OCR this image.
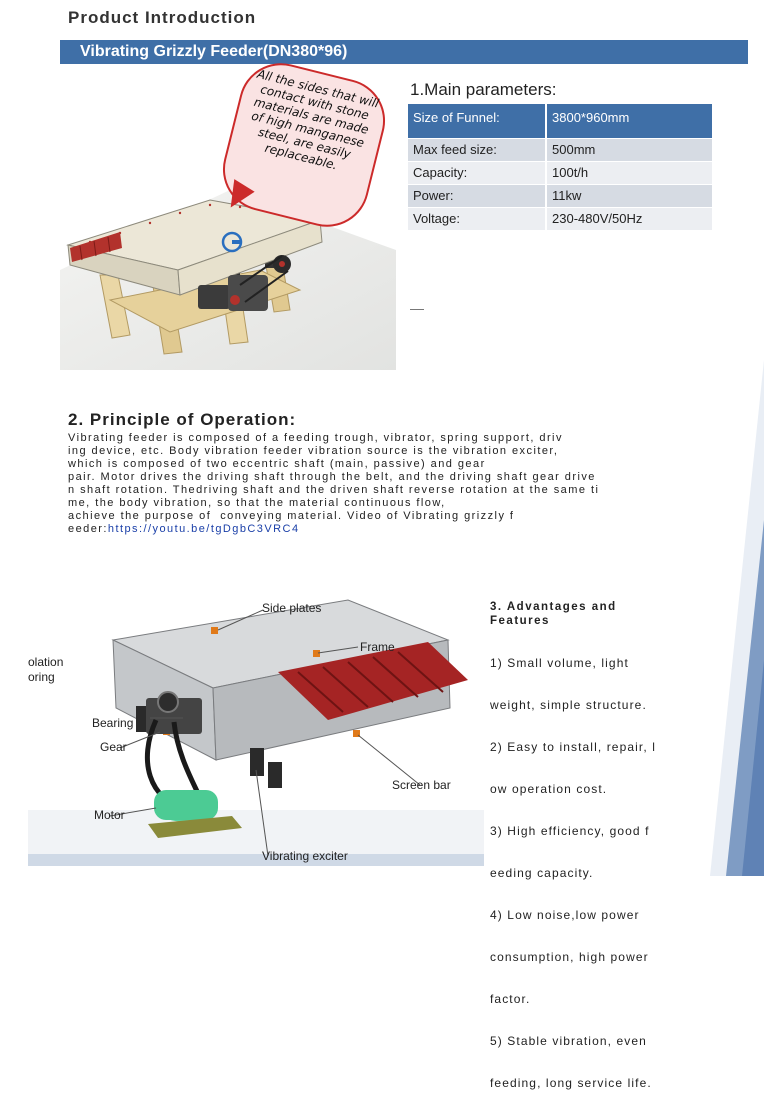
Product Introduction
Vibrating Grizzly Feeder(DN380*96)
All the sides that will contact with stone materials are made of high manganese steel, are easily replaceable.
1.Main parameters:
Size of Funnel:	3800*960mm
Max feed size:	500mm
Capacity:	100t/h
Power:	11kw
Voltage:	230-480V/50Hz
2. Principle of Operation:
Vibrating feeder is composed of a feeding trough, vibrator, spring support, driv
ing device, etc. Body vibration feeder vibration source is the vibration exciter,
which is composed of two eccentric shaft (main, passive) and gear
pair. Motor drives the driving shaft through the belt, and the driving shaft gear drive
n shaft rotation. Thedriving shaft and the driven shaft reverse rotation at the same ti
me, the body vibration, so that the material continuous flow,
achieve the purpose of  conveying material. Video of Vibrating grizzly f
eeder:https://youtu.be/tgDgbC3VRC4
Side plates
Frame
olation
oring
Bearing
Gear
Screen bar
Motor
Vibrating exciter
3. Advantages and
Features

1) Small volume, light

weight, simple structure.

2) Easy to install, repair, l

ow operation cost.

3) High efficiency, good f

eeding capacity.

4) Low noise,low power

consumption, high power

factor.

5) Stable vibration, even

feeding, long service life.
